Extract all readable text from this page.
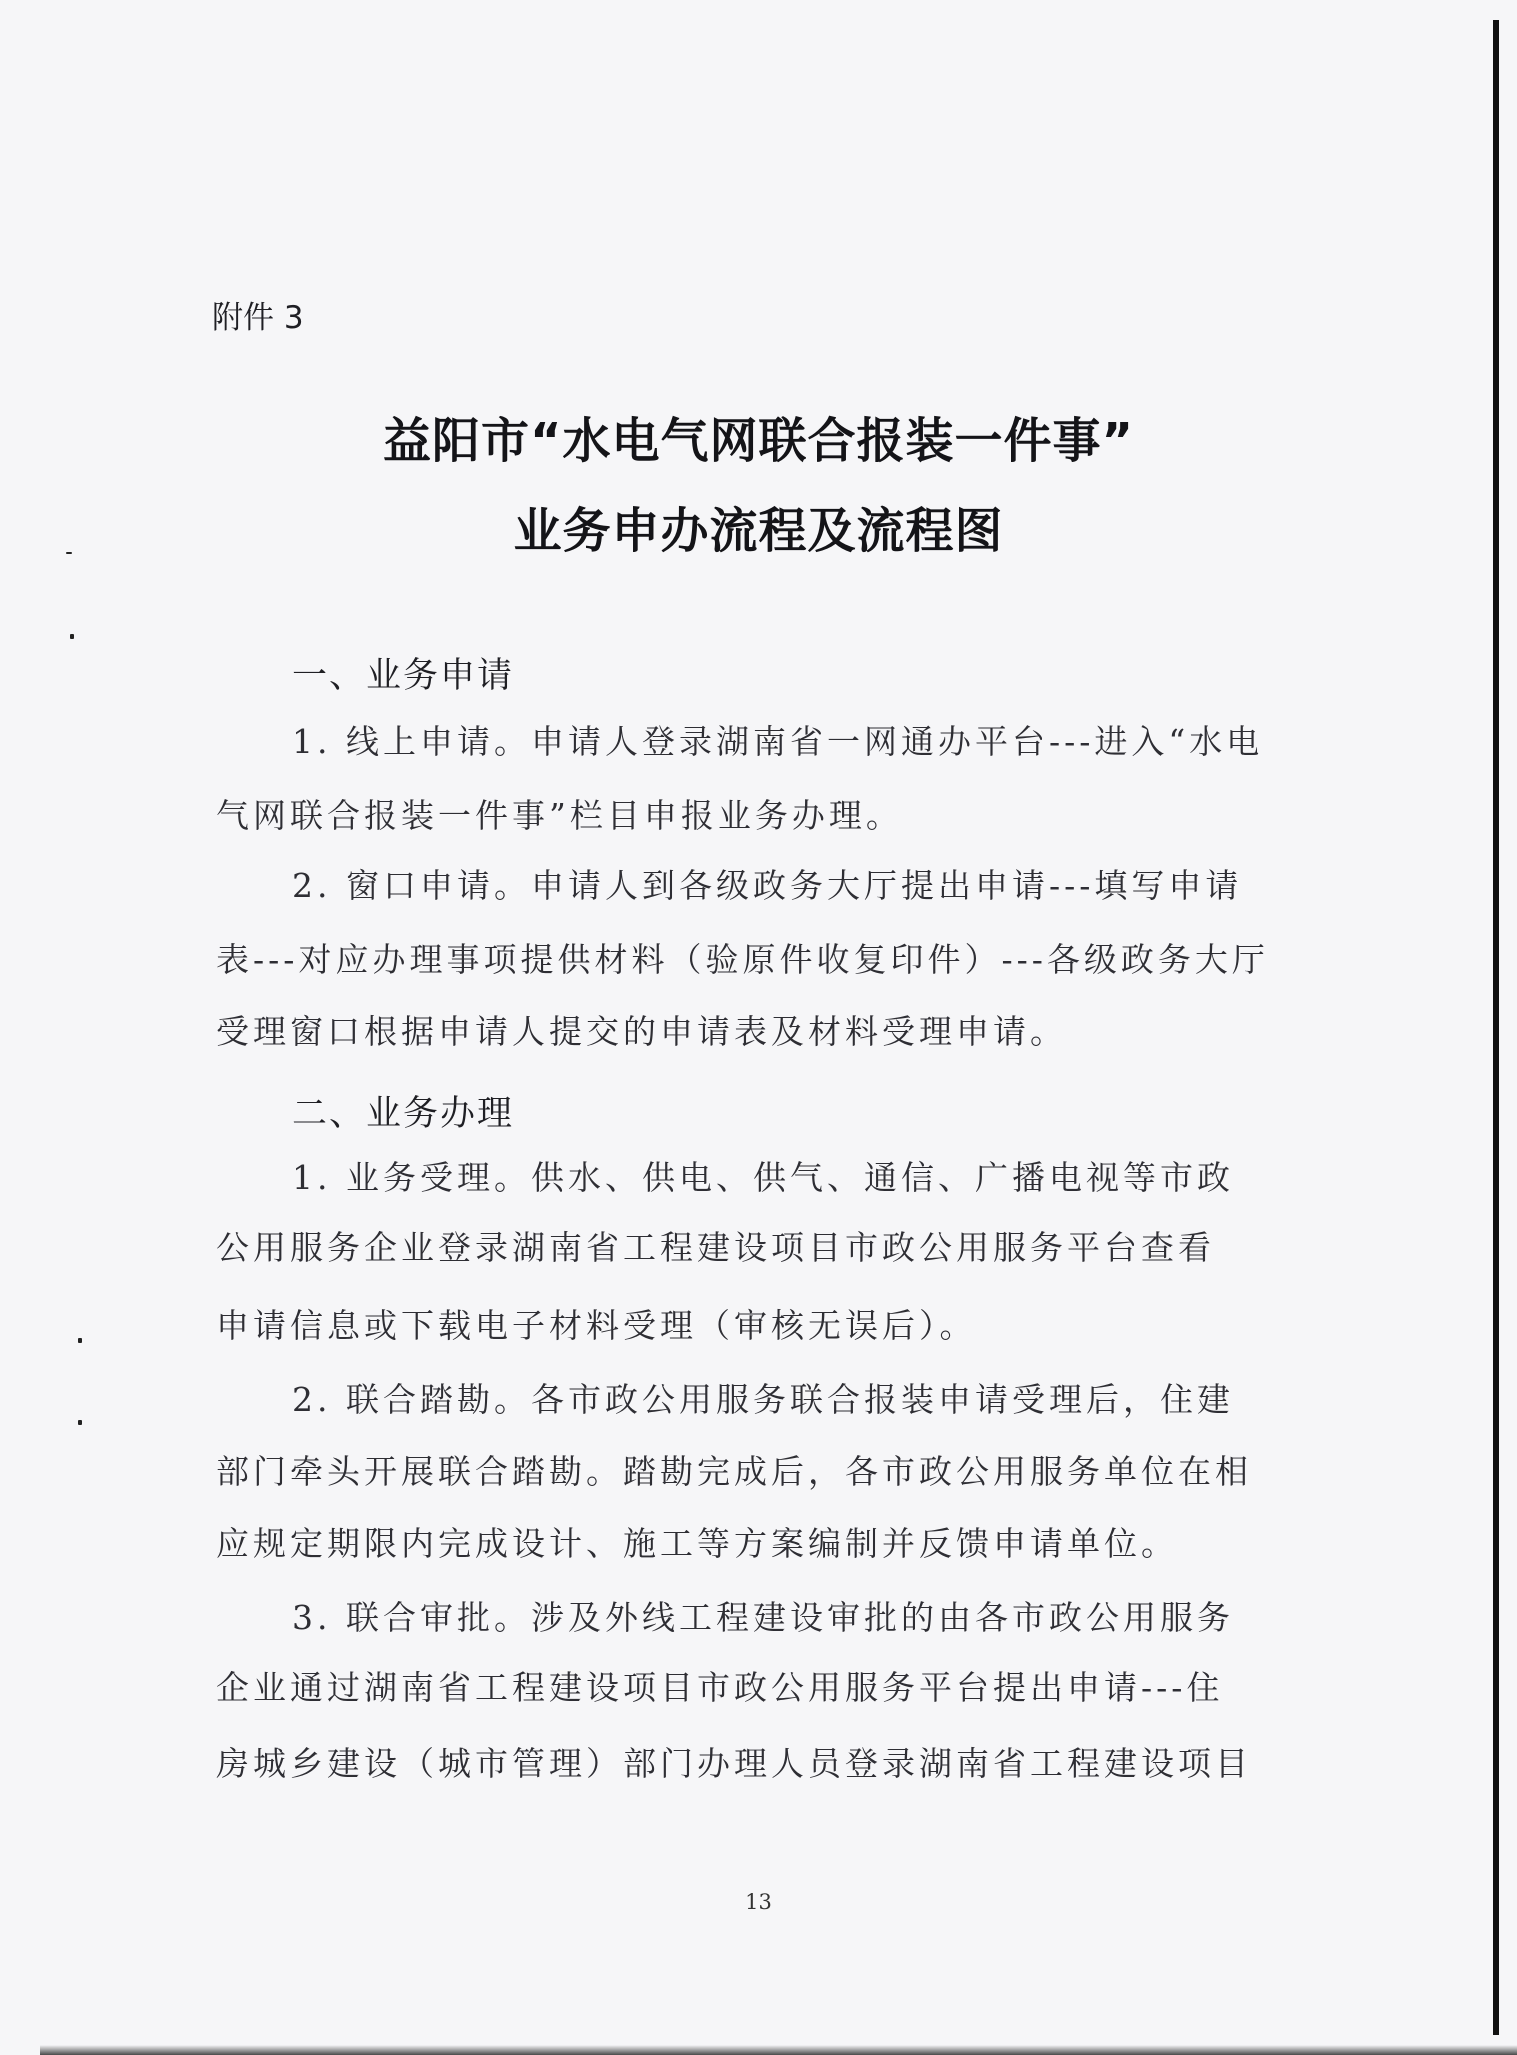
附件 3
益阳市“水电气网联合报装一件事”
业务申办流程及流程图
一、业务申请
1. 线上申请。申请人登录湖南省一网通办平台---进入“水电
气网联合报装一件事”栏目申报业务办理。
2. 窗口申请。申请人到各级政务大厅提出申请---填写申请
表---对应办理事项提供材料（验原件收复印件）---各级政务大厅
受理窗口根据申请人提交的申请表及材料受理申请。
二、业务办理
1. 业务受理。供水、供电、供气、通信、广播电视等市政
公用服务企业登录湖南省工程建设项目市政公用服务平台查看
申请信息或下载电子材料受理（审核无误后）。
2. 联合踏勘。各市政公用服务联合报装申请受理后，住建
部门牵头开展联合踏勘。踏勘完成后，各市政公用服务单位在相
应规定期限内完成设计、施工等方案编制并反馈申请单位。
3. 联合审批。涉及外线工程建设审批的由各市政公用服务
企业通过湖南省工程建设项目市政公用服务平台提出申请---住
房城乡建设（城市管理）部门办理人员登录湖南省工程建设项目
13
